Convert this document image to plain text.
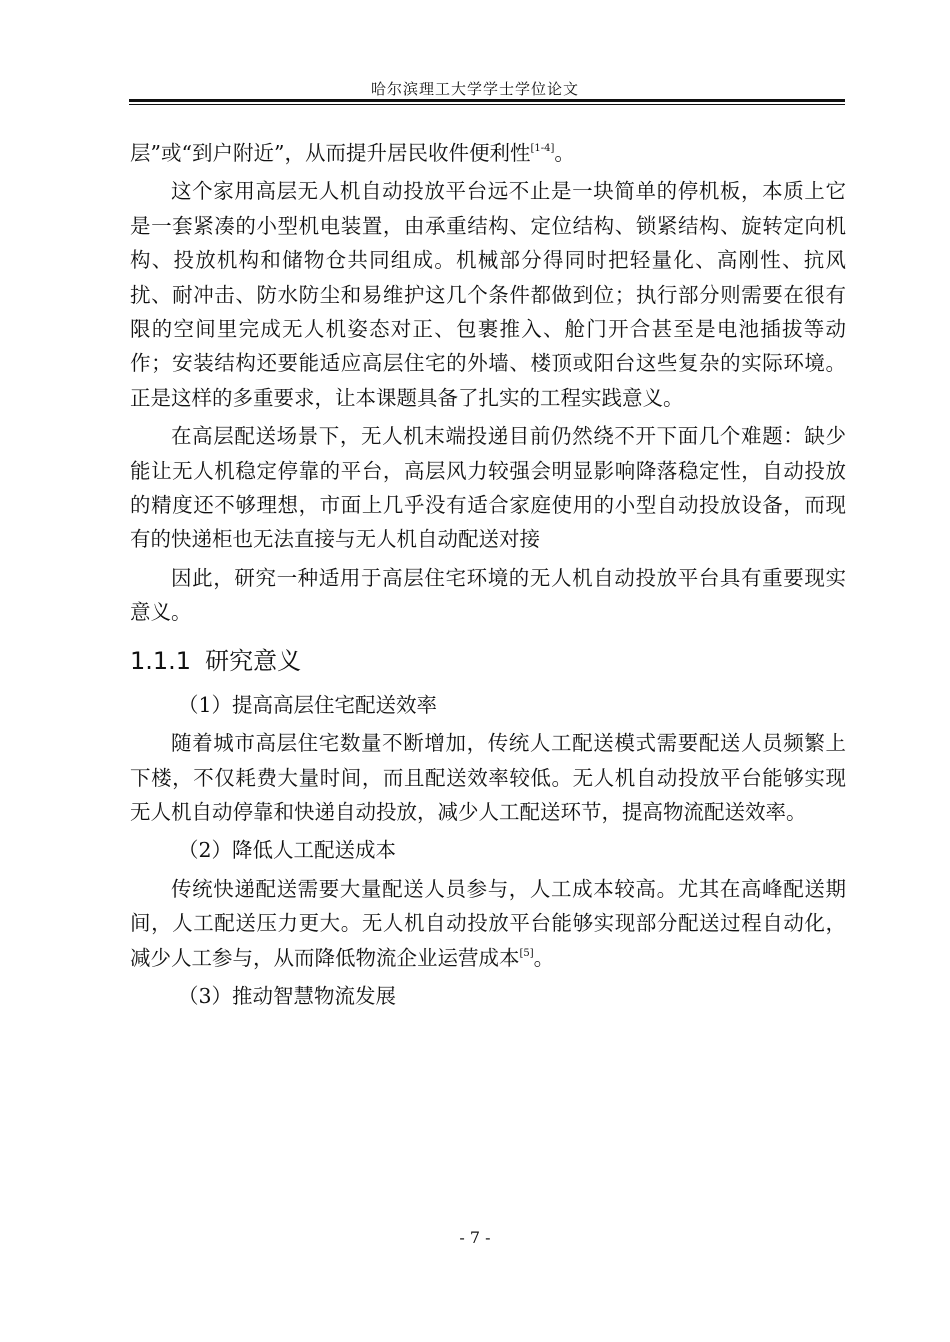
哈尔滨理工大学学士学位论文

层”或“到户附近”，从而提升居民收件便利性[1-4]。

这个家用高层无人机自动投放平台远不止是一块简单的停机板，本质上它是一套紧凑的小型机电装置，由承重结构、定位结构、锁紧结构、旋转定向机构、投放机构和储物仓共同组成。机械部分得同时把轻量化、高刚性、抗风扰、耐冲击、防水防尘和易维护这几个条件都做到位；执行部分则需要在很有限的空间里完成无人机姿态对正、包裹推入、舱门开合甚至是电池插拔等动作；安装结构还要能适应高层住宅的外墙、楼顶或阳台这些复杂的实际环境。正是这样的多重要求，让本课题具备了扎实的工程实践意义。

在高层配送场景下，无人机末端投递目前仍然绕不开下面几个难题：缺少能让无人机稳定停靠的平台，高层风力较强会明显影响降落稳定性，自动投放的精度还不够理想，市面上几乎没有适合家庭使用的小型自动投放设备，而现有的快递柜也无法直接与无人机自动配送对接

因此，研究一种适用于高层住宅环境的无人机自动投放平台具有重要现实意义。

1.1.1 研究意义

（1）提高高层住宅配送效率

随着城市高层住宅数量不断增加，传统人工配送模式需要配送人员频繁上下楼，不仅耗费大量时间，而且配送效率较低。无人机自动投放平台能够实现无人机自动停靠和快递自动投放，减少人工配送环节，提高物流配送效率。

（2）降低人工配送成本

传统快递配送需要大量配送人员参与，人工成本较高。尤其在高峰配送期间，人工配送压力更大。无人机自动投放平台能够实现部分配送过程自动化，减少人工参与，从而降低物流企业运营成本[5]。

（3）推动智慧物流发展

- 7 -
